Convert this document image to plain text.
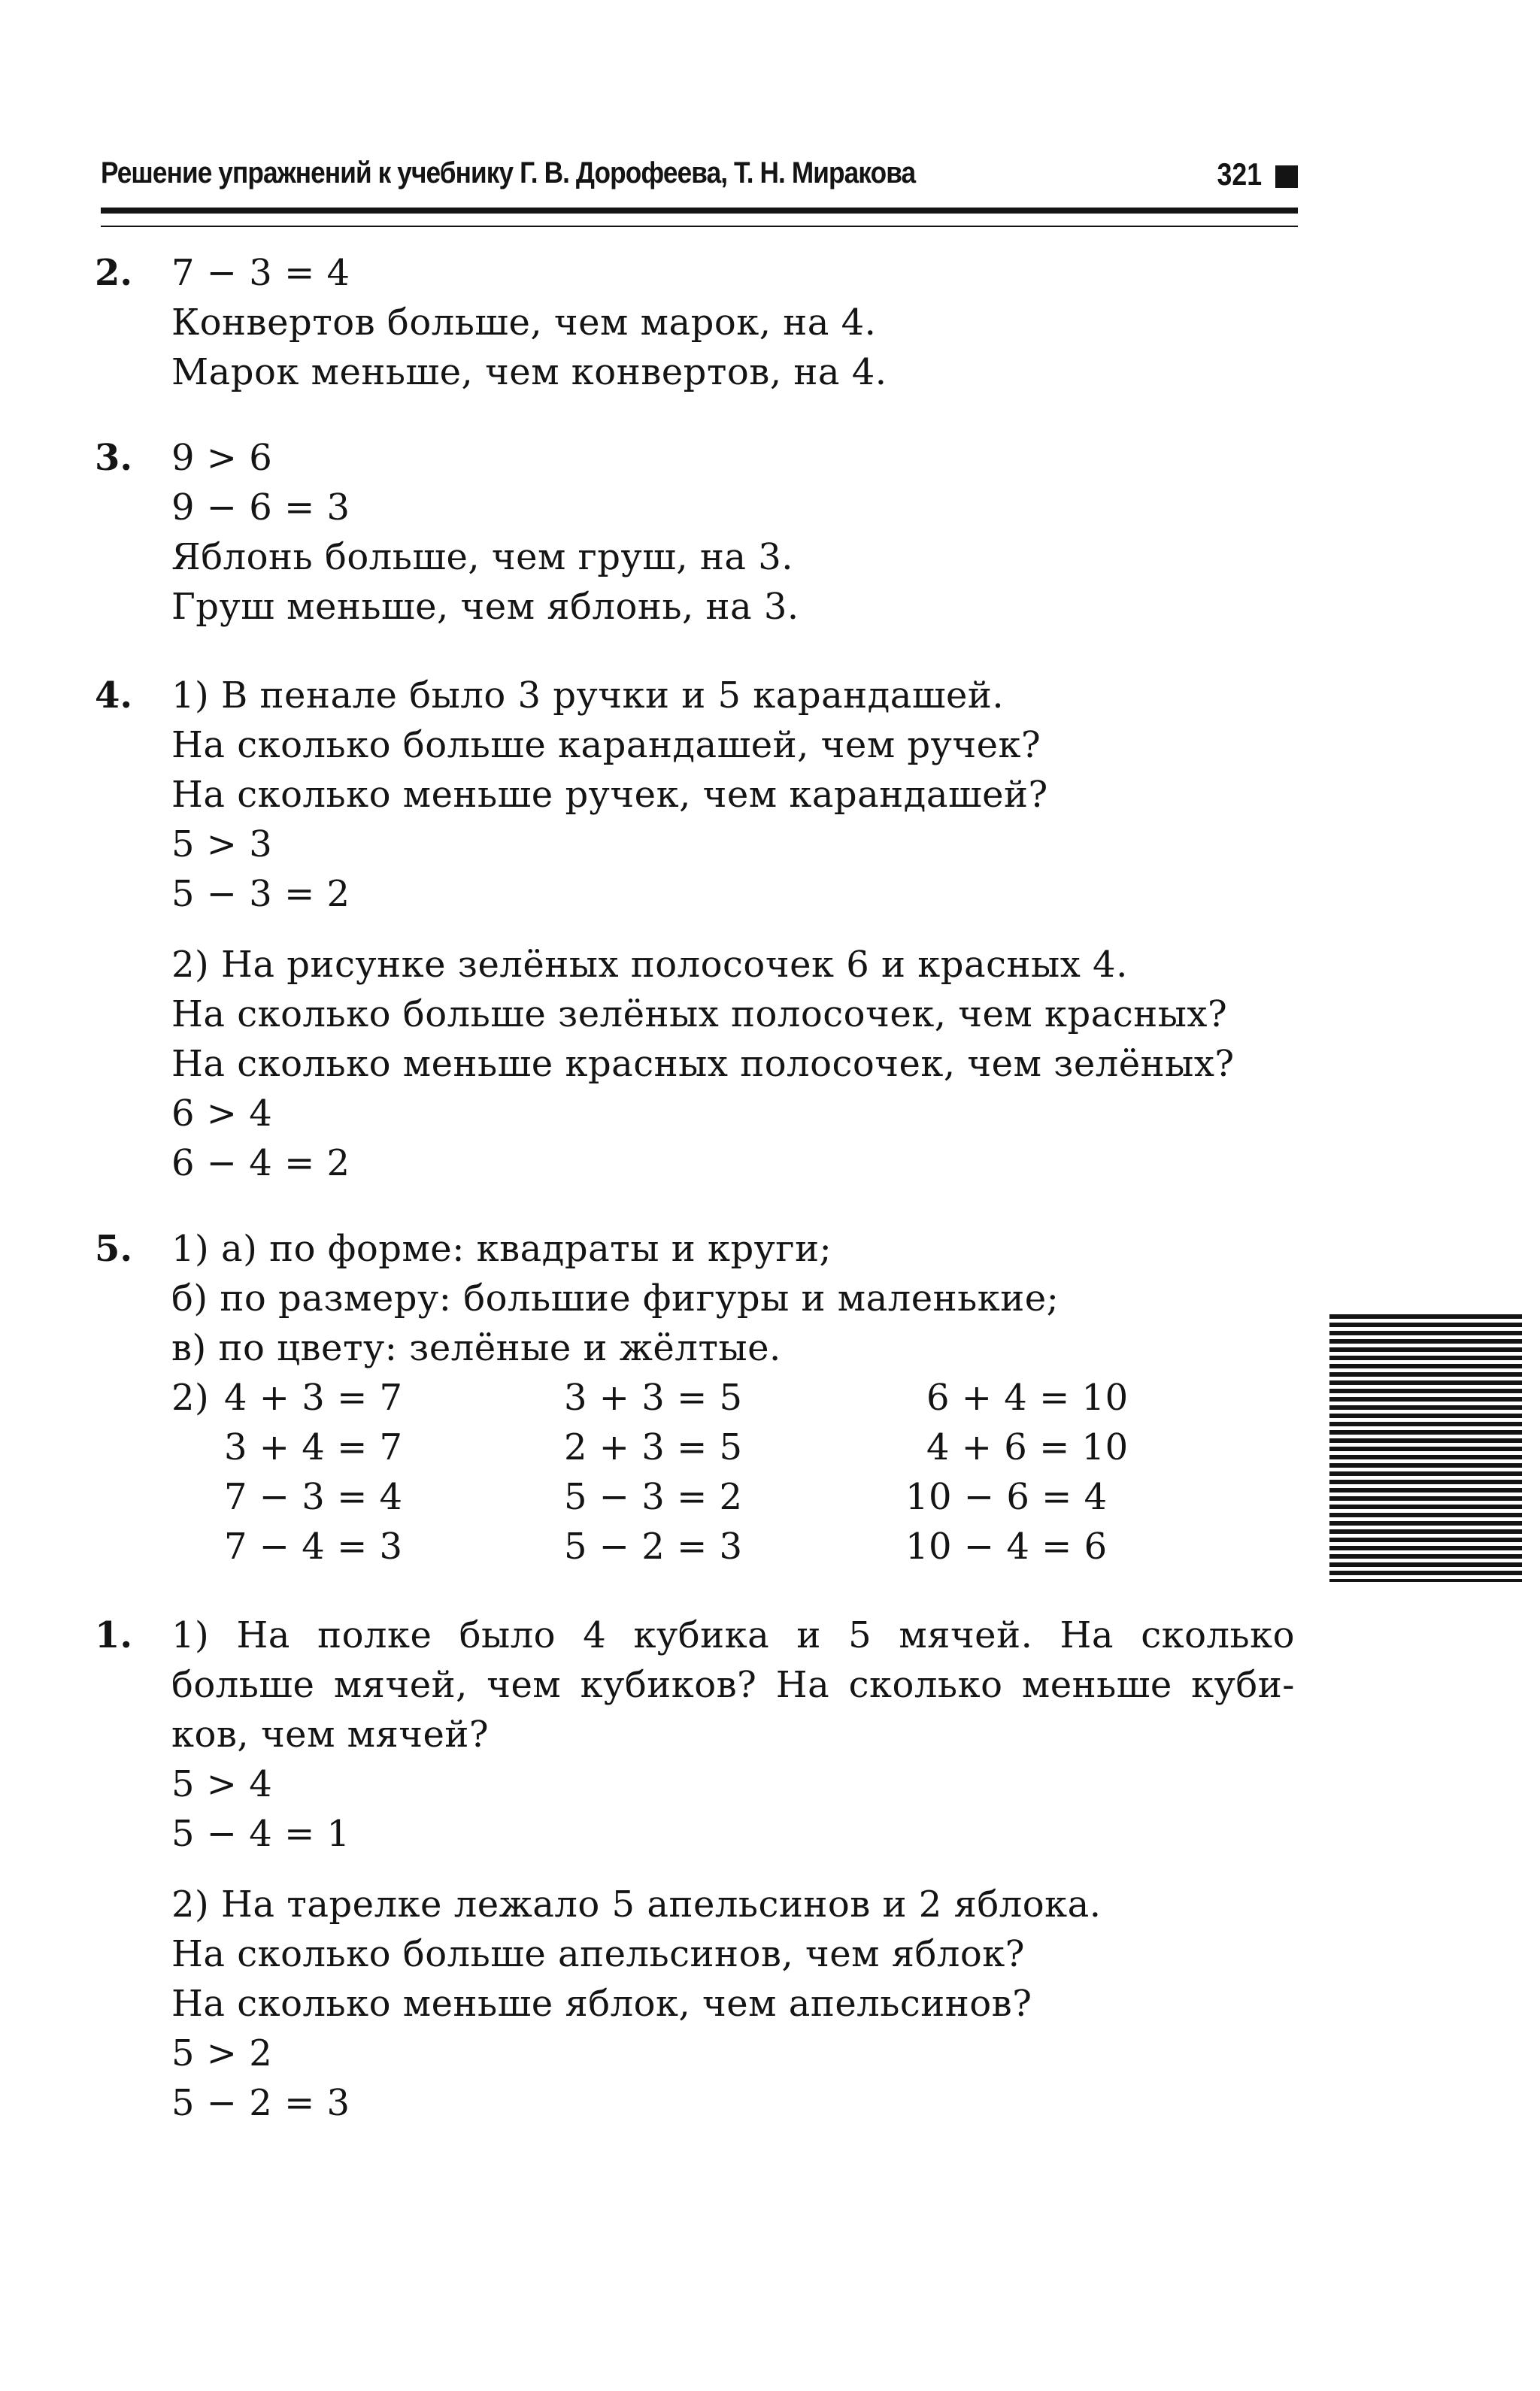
Решение упражнений к учебнику Г. В. Дорофеева, Т. Н. Миракова	321
2. 7 − 3 = 4
Конвертов больше, чем марок, на 4.
Марок меньше, чем конвертов, на 4.
3. 9 > 6
9 − 6 = 3
Яблонь больше, чем груш, на 3.
Груш меньше, чем яблонь, на 3.
4. 1) В пенале было 3 ручки и 5 карандашей.
На сколько больше карандашей, чем ручек?
На сколько меньше ручек, чем карандашей?
5 > 3
5 − 3 = 2
2) На рисунке зелёных полосочек 6 и красных 4.
На сколько больше зелёных полосочек, чем красных?
На сколько меньше красных полосочек, чем зелёных?
6 > 4
6 − 4 = 2
5. 1) а) по форме: квадраты и круги;
б) по размеру: большие фигуры и маленькие;
в) по цвету: зелёные и жёлтые.
2) 4 + 3 = 7	3 + 3 = 5	6 + 4 = 10
3 + 4 = 7	2 + 3 = 5	4 + 6 = 10
7 − 3 = 4	5 − 3 = 2	10 − 6 = 4
7 − 4 = 3	5 − 2 = 3	10 − 4 = 6
1. 1) На полке было 4 кубика и 5 мячей. На сколько
больше мячей, чем кубиков? На сколько меньше куби-
ков, чем мячей?
5 > 4
5 − 4 = 1
2) На тарелке лежало 5 апельсинов и 2 яблока.
На сколько больше апельсинов, чем яблок?
На сколько меньше яблок, чем апельсинов?
5 > 2
5 − 2 = 3
